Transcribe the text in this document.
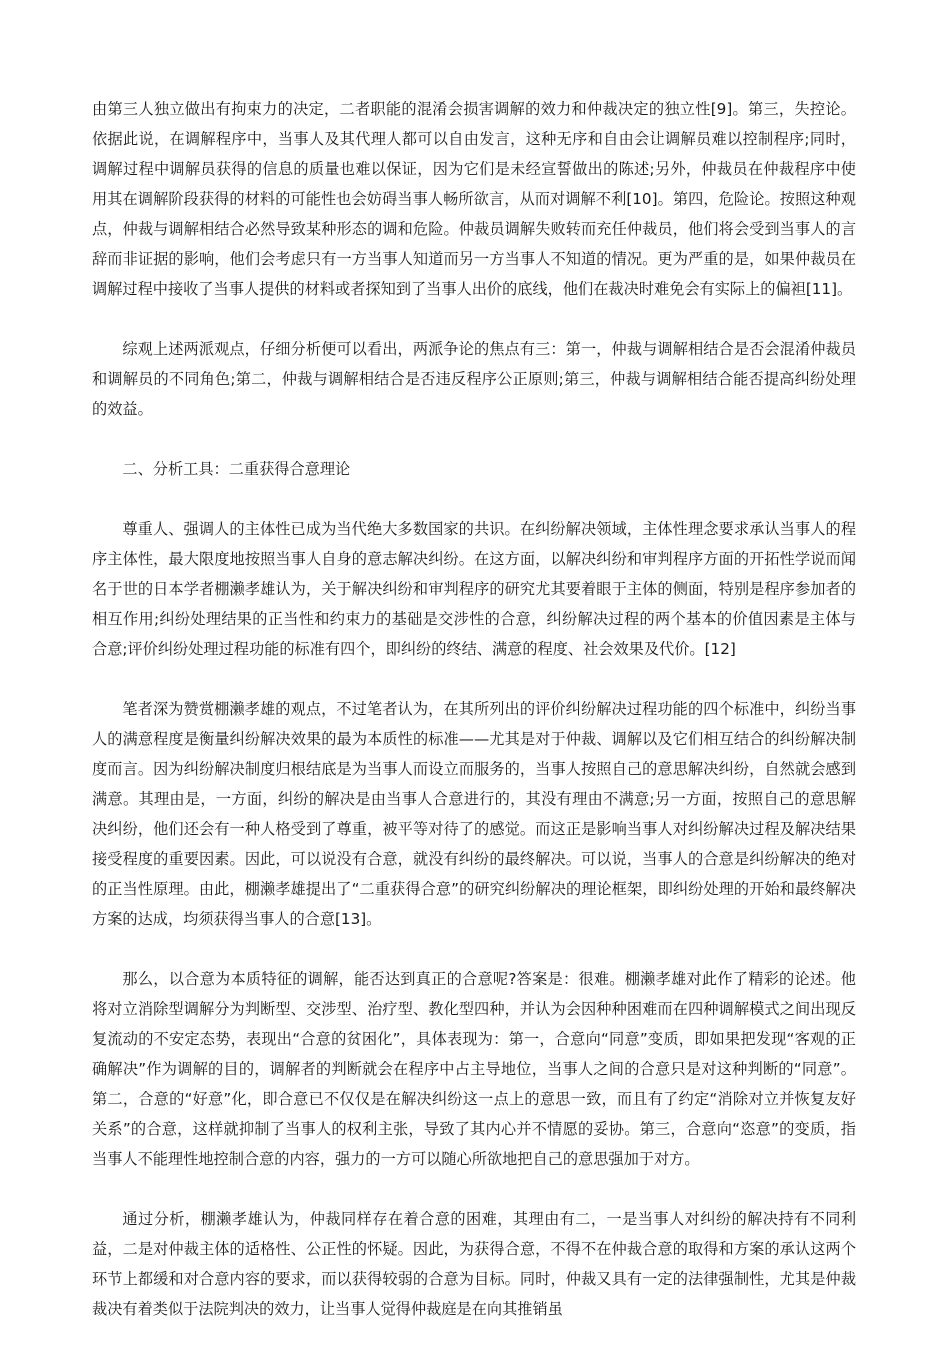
由第三人独立做出有拘束力的决定，二者职能的混淆会损害调解的效力和仲裁决定的独立性[9]。第三，失控论。依据此说，在调解程序中，当事人及其代理人都可以自由发言，这种无序和自由会让调解员难以控制程序;同时，调解过程中调解员获得的信息的质量也难以保证，因为它们是未经宣誓做出的陈述;另外，仲裁员在仲裁程序中使用其在调解阶段获得的材料的可能性也会妨碍当事人畅所欲言，从而对调解不利[10]。第四，危险论。按照这种观点，仲裁与调解相结合必然导致某种形态的调和危险。仲裁员调解失败转而充任仲裁员，他们将会受到当事人的言辞而非证据的影响，他们会考虑只有一方当事人知道而另一方当事人不知道的情况。更为严重的是，如果仲裁员在调解过程中接收了当事人提供的材料或者探知到了当事人出价的底线，他们在裁决时难免会有实际上的偏袒[11]。

综观上述两派观点，仔细分析便可以看出，两派争论的焦点有三：第一，仲裁与调解相结合是否会混淆仲裁员和调解员的不同角色;第二，仲裁与调解相结合是否违反程序公正原则;第三，仲裁与调解相结合能否提高纠纷处理的效益。

二、分析工具：二重获得合意理论

尊重人、强调人的主体性已成为当代绝大多数国家的共识。在纠纷解决领域，主体性理念要求承认当事人的程序主体性，最大限度地按照当事人自身的意志解决纠纷。在这方面，以解决纠纷和审判程序方面的开拓性学说而闻名于世的日本学者棚濑孝雄认为，关于解决纠纷和审判程序的研究尤其要着眼于主体的侧面，特别是程序参加者的相互作用;纠纷处理结果的正当性和约束力的基础是交涉性的合意，纠纷解决过程的两个基本的价值因素是主体与合意;评价纠纷处理过程功能的标准有四个，即纠纷的终结、满意的程度、社会效果及代价。[12]

笔者深为赞赏棚濑孝雄的观点，不过笔者认为，在其所列出的评价纠纷解决过程功能的四个标准中，纠纷当事人的满意程度是衡量纠纷解决效果的最为本质性的标准——尤其是对于仲裁、调解以及它们相互结合的纠纷解决制度而言。因为纠纷解决制度归根结底是为当事人而设立而服务的，当事人按照自己的意思解决纠纷，自然就会感到满意。其理由是，一方面，纠纷的解决是由当事人合意进行的，其没有理由不满意;另一方面，按照自己的意思解决纠纷，他们还会有一种人格受到了尊重，被平等对待了的感觉。而这正是影响当事人对纠纷解决过程及解决结果接受程度的重要因素。因此，可以说没有合意，就没有纠纷的最终解决。可以说，当事人的合意是纠纷解决的绝对的正当性原理。由此，棚濑孝雄提出了“二重获得合意”的研究纠纷解决的理论框架，即纠纷处理的开始和最终解决方案的达成，均须获得当事人的合意[13]。

那么，以合意为本质特征的调解，能否达到真正的合意呢?答案是：很难。棚濑孝雄对此作了精彩的论述。他将对立消除型调解分为判断型、交涉型、治疗型、教化型四种，并认为会因种种困难而在四种调解模式之间出现反复流动的不安定态势，表现出“合意的贫困化”，具体表现为：第一，合意向“同意”变质，即如果把发现“客观的正确解决”作为调解的目的，调解者的判断就会在程序中占主导地位，当事人之间的合意只是对这种判断的“同意”。第二，合意的“好意”化，即合意已不仅仅是在解决纠纷这一点上的意思一致，而且有了约定“消除对立并恢复友好关系”的合意，这样就抑制了当事人的权利主张，导致了其内心并不情愿的妥协。第三，合意向“恣意”的变质，指当事人不能理性地控制合意的内容，强力的一方可以随心所欲地把自己的意思强加于对方。

通过分析，棚濑孝雄认为，仲裁同样存在着合意的困难，其理由有二，一是当事人对纠纷的解决持有不同利益，二是对仲裁主体的适格性、公正性的怀疑。因此，为获得合意，不得不在仲裁合意的取得和方案的承认这两个环节上都缓和对合意内容的要求，而以获得较弱的合意为目标。同时，仲裁又具有一定的法律强制性，尤其是仲裁裁决有着类似于法院判决的效力，让当事人觉得仲裁庭是在向其推销虽
